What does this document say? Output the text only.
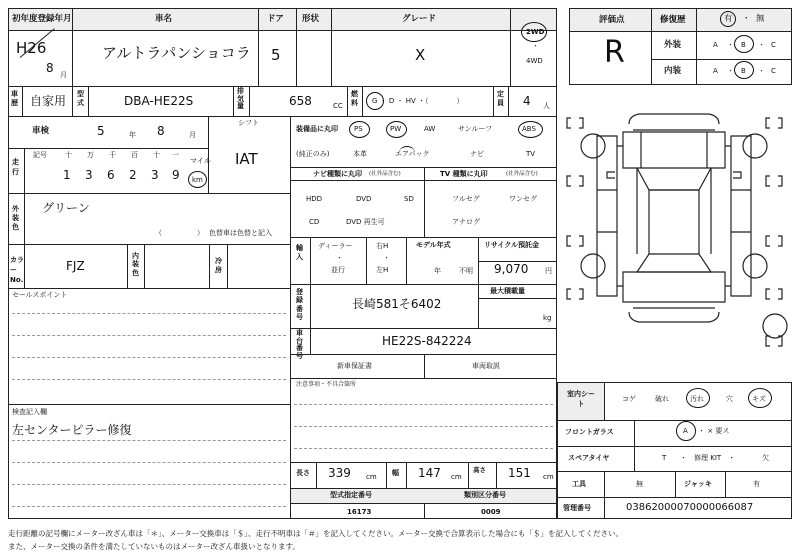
初年度登録年月
H26
8 月
車名
アルトラパンショコラ
ドア
5
形状	グレード
X
2WD
・
4WD
評価点
R
修復歴	有 ・ 無
外装	A ・ B ・ C
内装	A ・ B ・ C
車歴 自家用 型式	DBA-HE22S
排気量	658	CC
燃料 G ・ D ・ HV ・（　　　　）
定員 4 人
車検	5	年 8	月
シフト
IAT
走行
記号	十 万 千 百 十 一
マイル
1 3 6 2 3 9 km
外装色
グリーン
（　　　　　） 色替車は色替と記入
カラーNo.
FJZ
内装色
冷房
セールスポイント
検査記入欄
左センターピラー修復
装備品に丸印
(純正のみ)
PS	PW	AW	サンルーフ	ABS
本革	エアバック	ナビ	TV
ナビ種類に丸印 (社外品含む)
HDD	DVD	SD
CD	DVD 再生可
TV 種類に丸印	(社外品含む)
フルセグ	ワンセグ
アナログ
輸入
ディーラー
・
並行
右H
・
左H
モデル年式
年	不明
リサイクル預託金
9,070 円
登録番号
長崎581そ6402
最大積載量
kg
車台番号
HE22S-842224
新車保証書	車両取説
注意事項・不具合箇所
長さ 339 cm 幅 147 cm
高さ 151 cm
型式指定番号
16173
類別区分番号
0009
室内シート
コゲ	破れ	汚れ	穴	キズ
フロントガラス	A ・ × 要ス
スペアタイヤ	T ・　修理 KIT　・	欠
工具	無	ジャッキ	有
管理番号	03862000070000066087
走行距離の記号欄にメーター改ざん車は「＊」、メーター交換車は「＄」、走行不明車は「＃」を記入してください。メーター交換で合算表示した場合にも「＄」を記入してください。
また、メーター交換の条件を満たしていないものはメーター改ざん車扱いとなります。
